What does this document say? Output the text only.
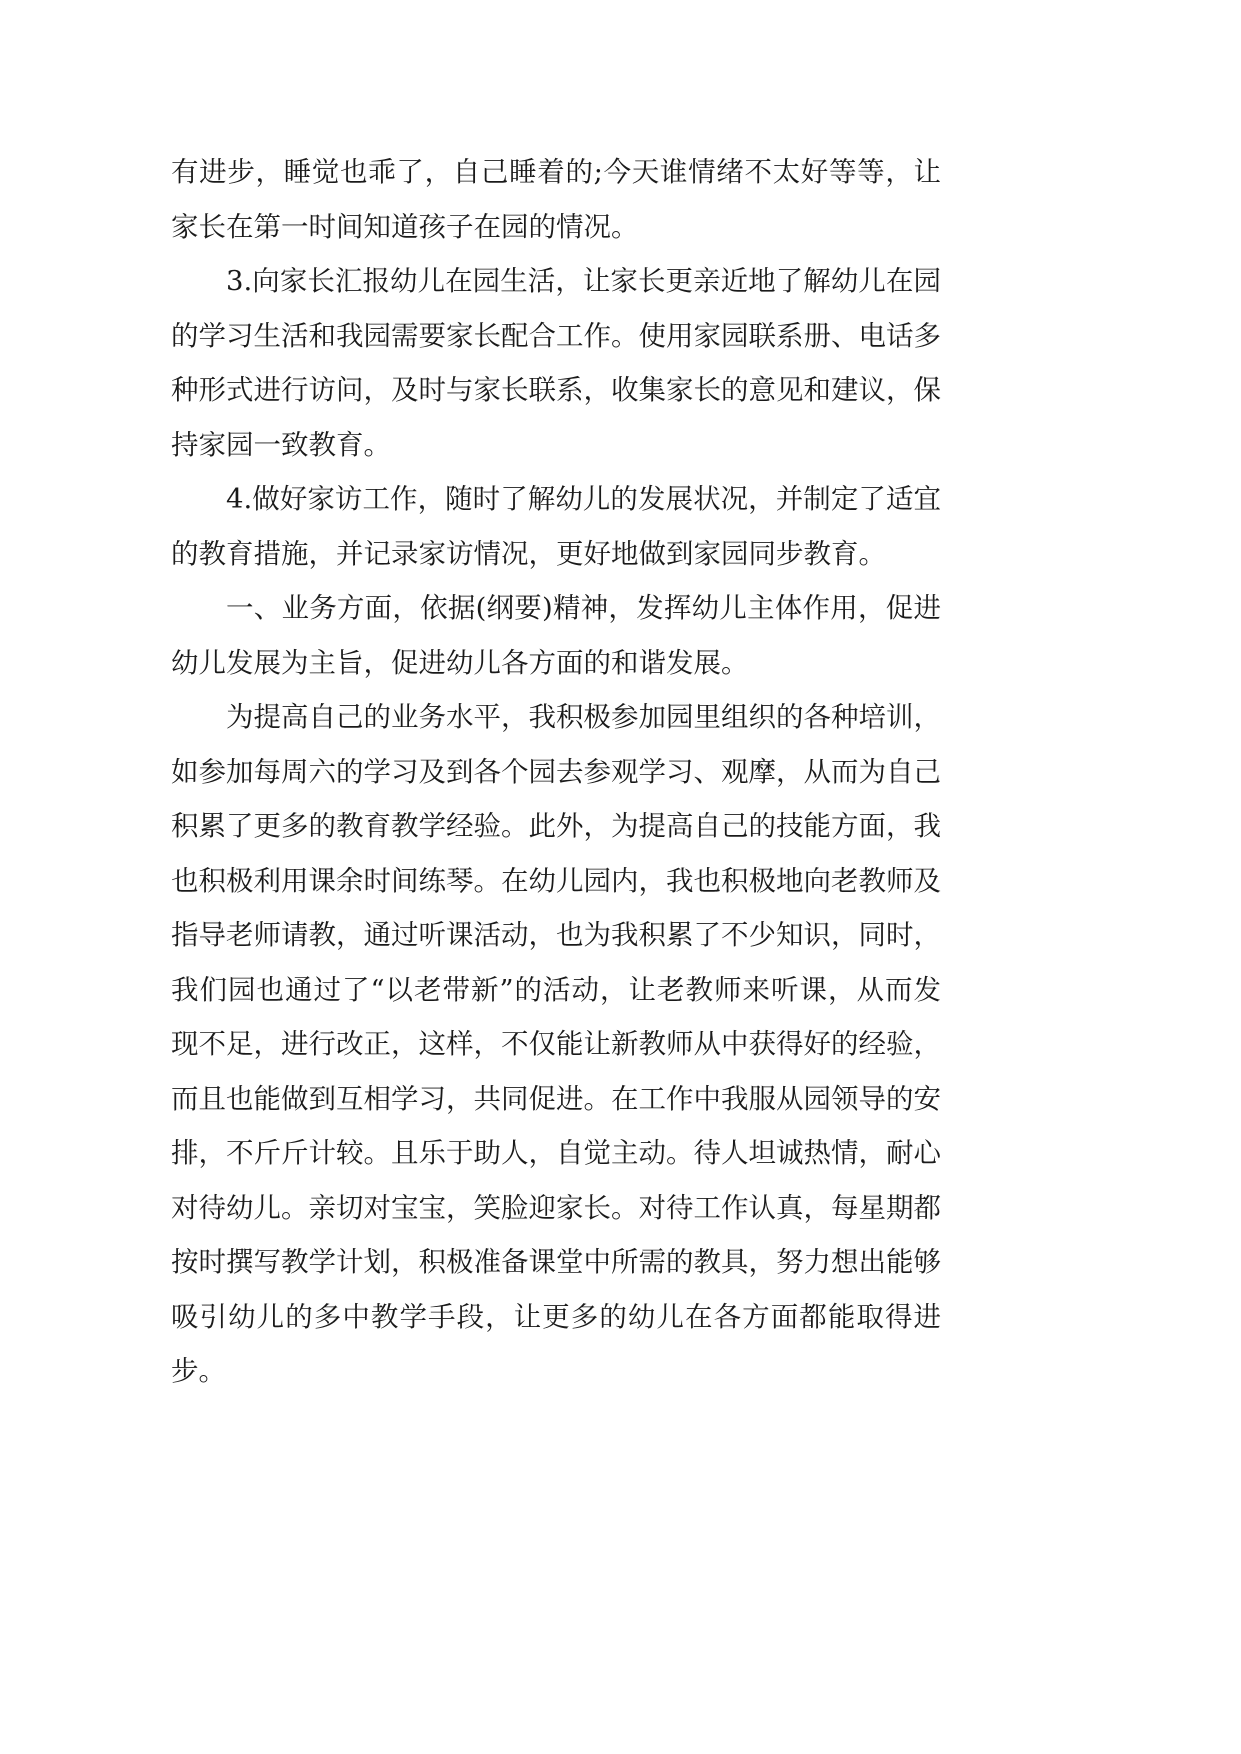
有进步，睡觉也乖了，自己睡着的;今天谁情绪不太好等等，让家长在第一时间知道孩子在园的情况。

3.向家长汇报幼儿在园生活，让家长更亲近地了解幼儿在园的学习生活和我园需要家长配合工作。使用家园联系册、电话多种形式进行访问，及时与家长联系，收集家长的意见和建议，保持家园一致教育。

4.做好家访工作，随时了解幼儿的发展状况，并制定了适宜的教育措施，并记录家访情况，更好地做到家园同步教育。

一、业务方面，依据(纲要)精神，发挥幼儿主体作用，促进幼儿发展为主旨，促进幼儿各方面的和谐发展。

为提高自己的业务水平，我积极参加园里组织的各种培训，如参加每周六的学习及到各个园去参观学习、观摩，从而为自己积累了更多的教育教学经验。此外，为提高自己的技能方面，我也积极利用课余时间练琴。在幼儿园内，我也积极地向老教师及指导老师请教，通过听课活动，也为我积累了不少知识，同时，我们园也通过了“以老带新”的活动，让老教师来听课，从而发现不足，进行改正，这样，不仅能让新教师从中获得好的经验，而且也能做到互相学习，共同促进。在工作中我服从园领导的安排，不斤斤计较。且乐于助人，自觉主动。待人坦诚热情，耐心对待幼儿。亲切对宝宝，笑脸迎家长。对待工作认真，每星期都按时撰写教学计划，积极准备课堂中所需的教具，努力想出能够吸引幼儿的多中教学手段，让更多的幼儿在各方面都能取得进步。
